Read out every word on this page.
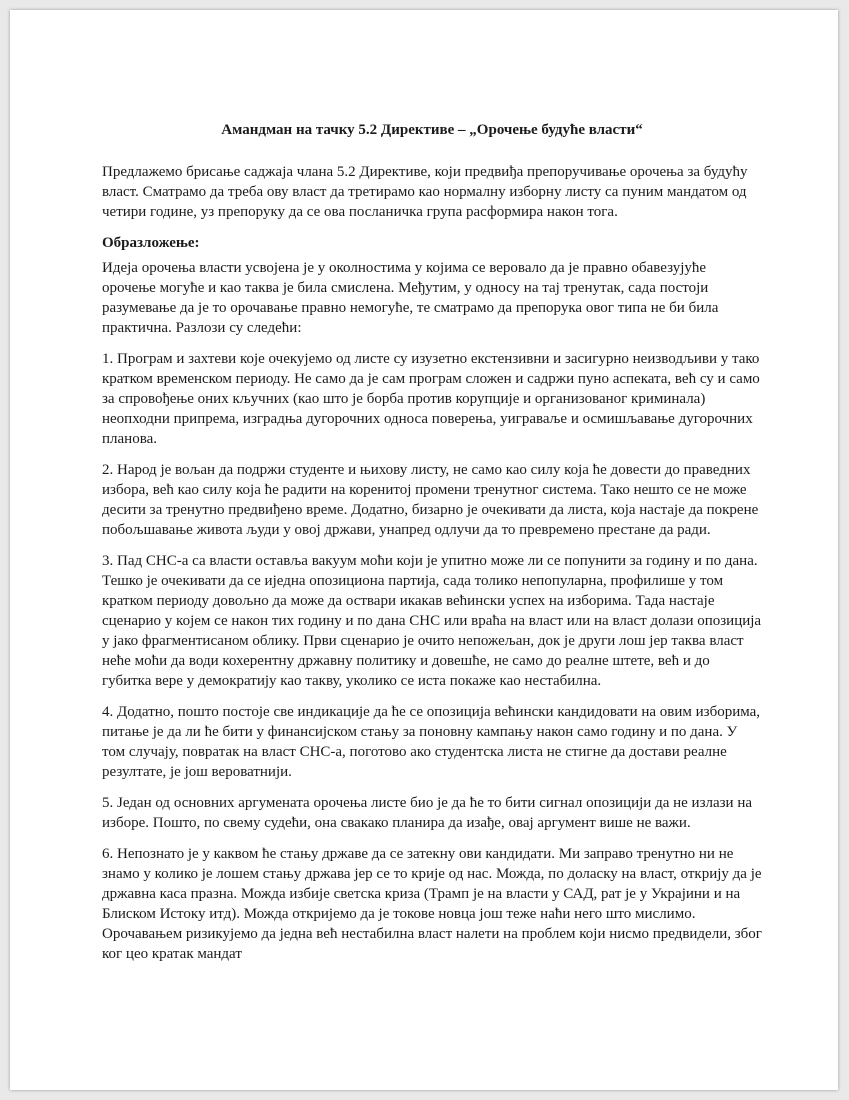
Амандман на тачку 5.2 Директиве – „Орочење будуће власти“

Предлажемо брисање саджаја члана 5.2 Директиве, који предвиђа препоручивање орочења за будућу власт. Сматрамо да треба ову власт да третирамо као нормалну изборну листу са пуним мандатом од четири године, уз препоруку да се ова посланичка група расформира након тога.

Образложење:

Идеја орочења власти усвојена је у околностима у којима се веровало да је правно обавезујуће орочење могуће и као таква је била смислена. Међутим, у односу на тај тренутак, сада постоји разумевање да је то орочавање правно немогуће, те сматрамо да препорука овог типа не би била практична. Разлози су следећи:

1. Програм и захтеви које очекујемо од листе су изузетно екстензивни и засигурно неизводљиви у тако кратком временском периоду. Не само да је сам програм сложен и садржи пуно аспеката, већ су и само за спровођење оних кључних (као што је борба против корупције и организованог криминала) неопходни припрема, изградња дугорочних односа поверења, уиграваље и осмишљавање дугорочних планова.

2. Народ је вољан да подржи студенте и њихову листу, не само као силу која ће довести до праведних избора, већ као силу која ће радити на коренитој промени тренутног система. Тако нешто се не може десити за тренутно предвиђено време. Додатно, бизарно је очекивати да листа, која настаје да покрене побољшавање живота људи у овој држави, унапред одлучи да то превремено престане да ради.

3. Пад СНС-а са власти оставља вакуум моћи који је упитно може ли се попунити за годину и по дана. Тешко је очекивати да се иједна опозициона партија, сада толико непопуларна, профилише у том кратком периоду довољно да може да оствари икакав већински успех на изборима. Тада настаје сценарио у којем се након тих годину и по дана СНС или враћа на власт или на власт долази опозиција у јако фрагментисаном облику. Први сценарио је очито непожељан, док је други лош јер таква власт неће моћи да води кохерентну државну политику и довешће, не само до реалне штете, већ и до губитка вере у демократију као такву, уколико се иста покаже као нестабилна.

4. Додатно, пошто постоје све индикације да ће се опозиција већински кандидовати на овим изборима, питање је да ли ће бити у финансијском стању за поновну кампању након само годину и по дана. У том случају, повратак на власт СНС-а, поготово ако студентска листа не стигне да достави реалне резултате, је још вероватнији.

5. Један од основних аргумената орочења листе био је да ће то бити сигнал опозицији да не излази на изборе. Пошто, по свему судећи, она свакако планира да изађе, овај аргумент више не важи.

6. Непознато је у каквом ће стању државе да се затекну ови кандидати. Ми заправо тренутно ни не знамо у колико је лошем стању држава јер се то крије од нас. Можда, по доласку на власт, открију да је државна каса празна. Можда избије светска криза (Трамп је на власти у САД, рат је у Украјини и на Блиском Истоку итд). Можда откријемо да је токове новца још теже наћи него што мислимо. Орочавањем ризикујемо да једна већ нестабилна власт налети на проблем који нисмо предвидели, због ког цео кратак мандат
